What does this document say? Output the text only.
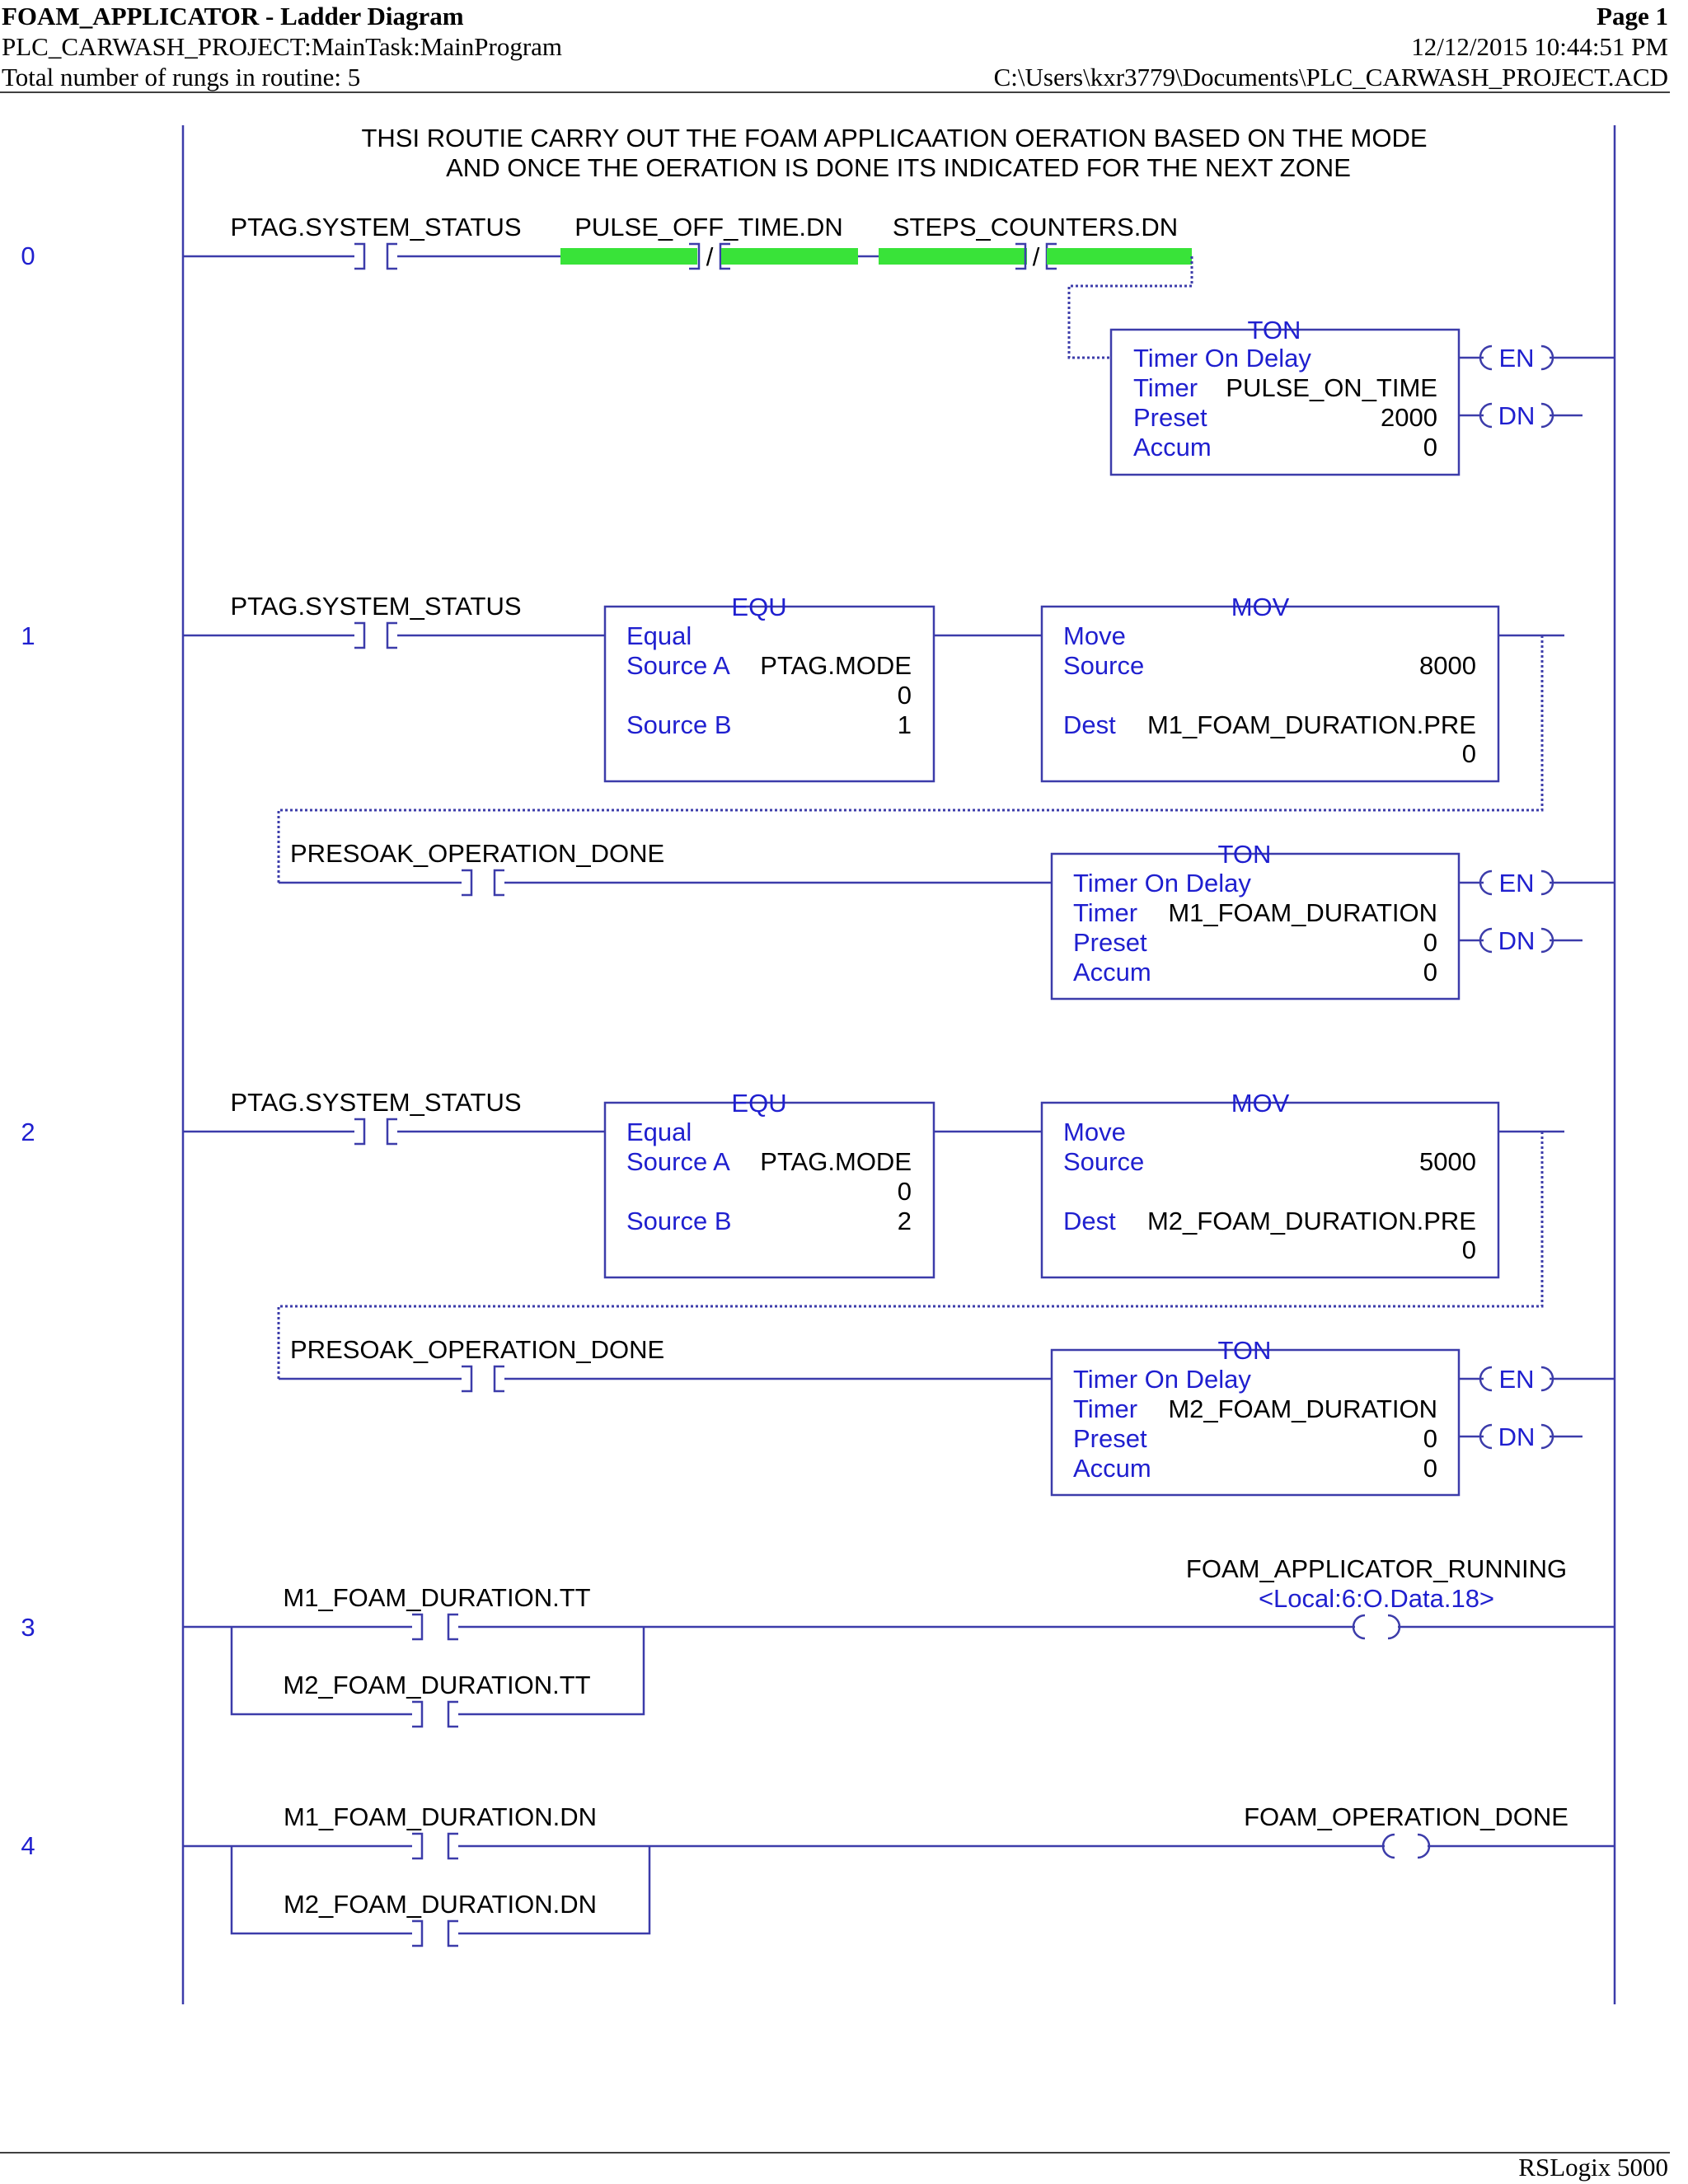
FOAM_APPLICATOR - Ladder Diagram	Page 1
PLC_CARWASH_PROJECT:MainTask:MainProgram	12/12/2015 10:44:51 PM
Total number of rungs in routine: 5	C:\Users\kxr3779\Documents\PLC_CARWASH_PROJECT.ACD
THSI ROUTIE CARRY OUT THE FOAM APPLICAATION OERATION BASED ON THE MODE
AND ONCE THE OERATION IS DONE ITS INDICATED FOR THE NEXT ZONE
0
PTAG.SYSTEM_STATUS PULSE_OFF_TIME.DN
/
STEPS_COUNTERS.DN
/
TON
Timer On Delay
Timer PULSE_ON_TIME
Preset	2000
Accum	0
EN
DN
1
PTAG.SYSTEM_STATUS	EQU
Equal
Source A PTAG.MODE
0
Source B	1
MOV
Move
Source	8000
Dest M1_FOAM_DURATION.PRE
0
PRESOAK_OPERATION_DONE	TON
Timer On Delay
Timer M1_FOAM_DURATION
Preset	0
Accum	0
EN
DN
2
PTAG.SYSTEM_STATUS	EQU
Equal
Source A PTAG.MODE
0
Source B	2
MOV
Move
Source	5000
Dest M2_FOAM_DURATION.PRE
0
PRESOAK_OPERATION_DONE	TON
Timer On Delay
Timer M2_FOAM_DURATION
Preset	0
Accum	0
EN
DN
3
M1_FOAM_DURATION.TT
M2_FOAM_DURATION.TT
FOAM_APPLICATOR_RUNNING
<Local:6:O.Data.18>
4
M1_FOAM_DURATION.DN
M2_FOAM_DURATION.DN
FOAM_OPERATION_DONE
RSLogix 5000
